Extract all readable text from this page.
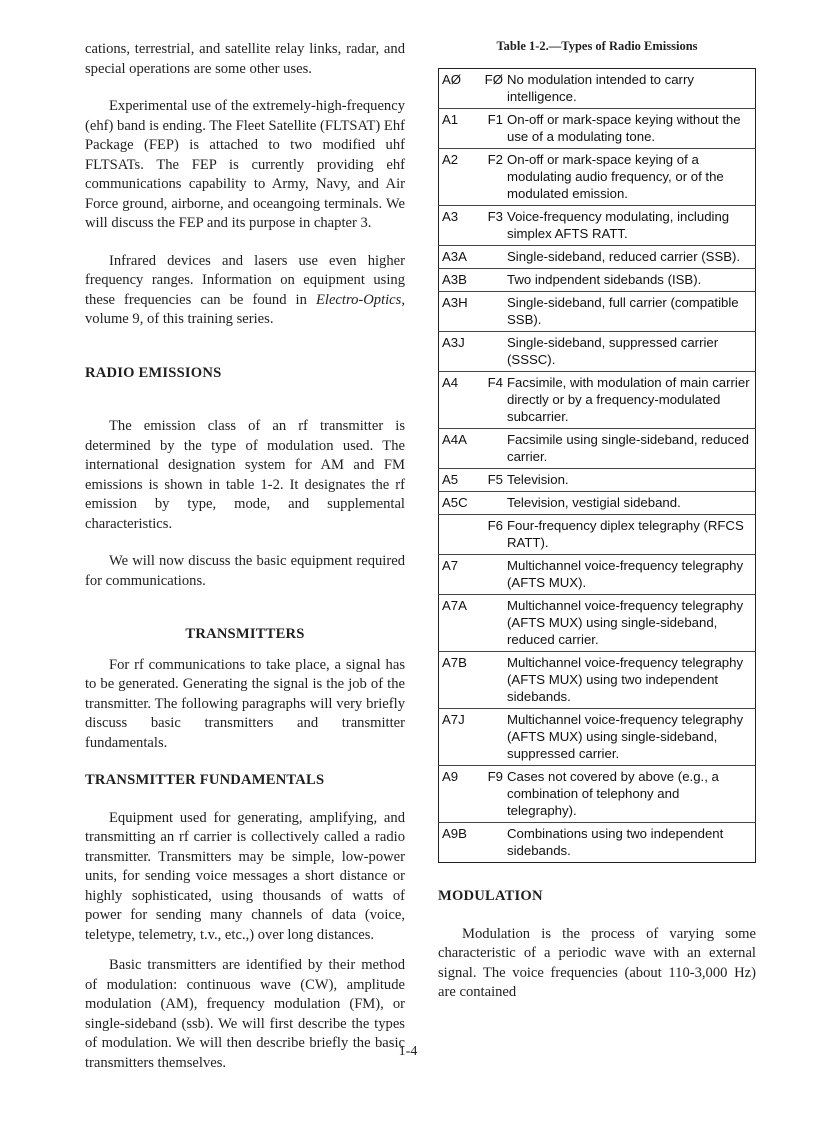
cations, terrestrial, and satellite relay links, radar, and special operations are some other uses.

Experimental use of the extremely-high-frequency (ehf) band is ending. The Fleet Satellite (FLTSAT) Ehf Package (FEP) is attached to two modified uhf FLTSATs. The FEP is currently providing ehf communications capability to Army, Navy, and Air Force ground, airborne, and oceangoing terminals. We will discuss the FEP and its purpose in chapter 3.

Infrared devices and lasers use even higher frequency ranges. Information on equipment using these frequencies can be found in Electro-Optics, volume 9, of this training series.

RADIO EMISSIONS

The emission class of an rf transmitter is determined by the type of modulation used. The international designation system for AM and FM emissions is shown in table 1-2. It designates the rf emission by type, mode, and supplemental characteristics.

We will now discuss the basic equipment required for communications.

TRANSMITTERS

For rf communications to take place, a signal has to be generated. Generating the signal is the job of the transmitter. The following paragraphs will very briefly discuss basic transmitters and transmitter fundamentals.

TRANSMITTER FUNDAMENTALS

Equipment used for generating, amplifying, and transmitting an rf carrier is collectively called a radio transmitter. Transmitters may be simple, low-power units, for sending voice messages a short distance or highly sophisticated, using thousands of watts of power for sending many channels of data (voice, teletype, telemetry, t.v., etc.,) over long distances.

Basic transmitters are identified by their method of modulation: continuous wave (CW), amplitude modulation (AM), frequency modulation (FM), or single-sideband (ssb). We will first describe the types of modulation. We will then describe briefly the basic transmitters themselves.

Table 1-2.—Types of Radio Emissions
AØ	FØ	No modulation intended to carry intelligence.
A1	F1	On-off or mark-space keying without the use of a modulating tone.
A2	F2	On-off or mark-space keying of a modulating audio frequency, or of the modulated emission.
A3	F3	Voice-frequency modulating, including simplex AFTS RATT.
A3A		Single-sideband, reduced carrier (SSB).
A3B		Two indpendent sidebands (ISB).
A3H		Single-sideband, full carrier (compatible SSB).
A3J		Single-sideband, suppressed carrier (SSSC).
A4	F4	Facsimile, with modulation of main carrier directly or by a frequency-modulated subcarrier.
A4A		Facsimile using single-sideband, reduced carrier.
A5	F5	Television.
A5C		Television, vestigial sideband.
	F6	Four-frequency diplex telegraphy (RFCS RATT).
A7		Multichannel voice-frequency telegraphy (AFTS MUX).
A7A		Multichannel voice-frequency telegraphy (AFTS MUX) using single-sideband, reduced carrier.
A7B		Multichannel voice-frequency telegraphy (AFTS MUX) using two independent sidebands.
A7J		Multichannel voice-frequency telegraphy (AFTS MUX) using single-sideband, suppressed carrier.
A9	F9	Cases not covered by above (e.g., a combination of telephony and telegraphy).
A9B		Combinations using two independent sidebands.
MODULATION

Modulation is the process of varying some characteristic of a periodic wave with an external signal. The voice frequencies (about 110-3,000 Hz) are contained

1-4
